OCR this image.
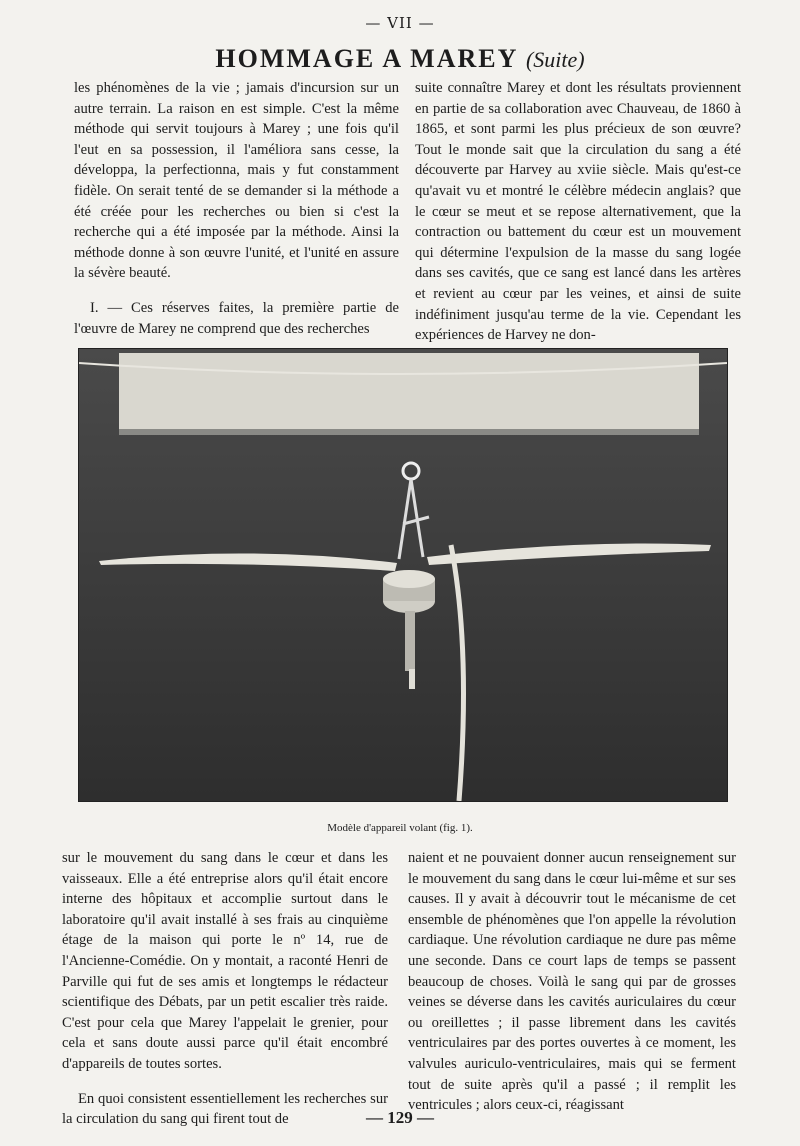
— VII —
HOMMAGE A MAREY (Suite)

les phénomènes de la vie ; jamais d'incursion sur un autre terrain. La raison en est simple. C'est la même méthode qui servit toujours à Marey ; une fois qu'il l'eut en sa possession, il l'améliora sans cesse, la développa, la perfectionna, mais y fut constamment fidèle. On serait tenté de se demander si la méthode a été créée pour les recherches ou bien si c'est la recherche qui a été imposée par la méthode. Ainsi la méthode donne à son œuvre l'unité, et l'unité en assure la sévère beauté.

I. — Ces réserves faites, la première partie de l'œuvre de Marey ne comprend que des recherches

suite connaître Marey et dont les résultats proviennent en partie de sa collaboration avec Chauveau, de 1860 à 1865, et sont parmi les plus précieux de son œuvre? Tout le monde sait que la circulation du sang a été découverte par Harvey au xviie siècle. Mais qu'est-ce qu'avait vu et montré le célèbre médecin anglais? que le cœur se meut et se repose alternativement, que la contraction ou battement du cœur est un mouvement qui détermine l'expulsion de la masse du sang logée dans ses cavités, que ce sang est lancé dans les artères et revient au cœur par les veines, et ainsi de suite indéfiniment jusqu'au terme de la vie. Cependant les expériences de Harvey ne don-

Modèle d'appareil volant (fig. 1).

sur le mouvement du sang dans le cœur et dans les vaisseaux. Elle a été entreprise alors qu'il était encore interne des hôpitaux et accomplie surtout dans le laboratoire qu'il avait installé à ses frais au cinquième étage de la maison qui porte le nº 14, rue de l'Ancienne-Comédie. On y montait, a raconté Henri de Parville qui fut de ses amis et longtemps le rédacteur scientifique des Débats, par un petit escalier très raide. C'est pour cela que Marey l'appelait le grenier, pour cela et sans doute aussi parce qu'il était encombré d'appareils de toutes sortes.

En quoi consistent essentiellement les recherches sur la circulation du sang qui firent tout de

naient et ne pouvaient donner aucun renseignement sur le mouvement du sang dans le cœur lui-même et sur ses causes. Il y avait à découvrir tout le mécanisme de cet ensemble de phénomènes que l'on appelle la révolution cardiaque. Une révolution cardiaque ne dure pas même une seconde. Dans ce court laps de temps se passent beaucoup de choses. Voilà le sang qui par de grosses veines se déverse dans les cavités auriculaires du cœur ou oreillettes ; il passe librement dans les cavités ventriculaires par des portes ouvertes à ce moment, les valvules auriculo-ventriculaires, mais qui se ferment tout de suite après qu'il a passé ; il remplit les ventricules ; alors ceux-ci, réagissant

— 129 —
